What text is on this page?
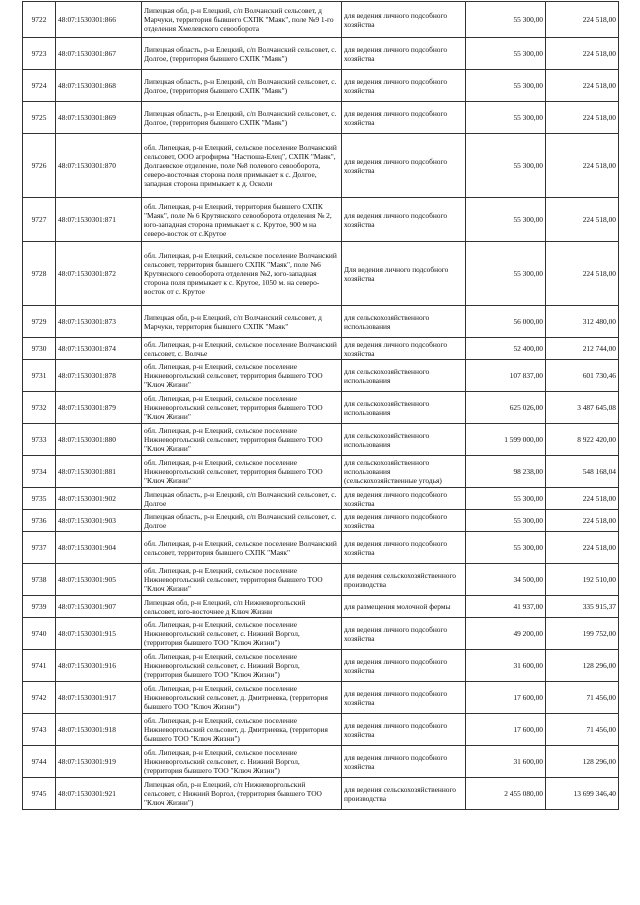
9722	48:07:1530301:866	Липецкая обл, р-н Елецкий, с/п Волчанский сельсовет, д Марчуки, территория бывшего СХПК "Маяк", поле №9 1-го отделения Хмелевского севооборота	для ведения личного подсобного хозяйства	55 300,00	224 518,00
9723	48:07:1530301:867	Липецкая область, р-н Елецкий, с/п Волчанский сельсовет, с. Долгое, (территория бывшего СХПК "Маяк")	для ведения личного подсобного хозяйства	55 300,00	224 518,00
9724	48:07:1530301:868	Липецкая область, р-н Елецкий, с/п Волчанский сельсовет, с. Долгое, (территория бывшего СХПК "Маяк")	для ведения личного подсобного хозяйства	55 300,00	224 518,00
9725	48:07:1530301:869	Липецкая область, р-н Елецкий, с/п Волчанский сельсовет, с. Долгое, (территория бывшего СХПК "Маяк")	для ведения личного подсобного хозяйства	55 300,00	224 518,00
9726	48:07:1530301:870	обл. Липецкая, р-н Елецкий, сельское поселение Волчанский сельсовет, ООО агрофирма "Настюша-Елец", СХПК "Маяк", Долгаевское отделение, поле №8 полевого севооборота, северо-восточная сторона поля примыкает к с. Долгое, западная сторона примыкает к д. Осколи	для ведения личного подсобного хозяйства	55 300,00	224 518,00
9727	48:07:1530301:871	обл. Липецкая, р-н Елецкий, территория бывшего СХПК "Маяк", поле № 6 Крутянского севооборота отделения № 2, юго-западная сторона примыкает к с. Крутое, 900 м на северо-восток от с.Крутое	для ведения личного подсобного хозяйства	55 300,00	224 518,00
9728	48:07:1530301:872	обл. Липецкая, р-н Елецкий, сельское поселение Волчанский сельсовет, территория бывшего СХПК "Маяк", поле №6 Крутянского севооборота отделения №2, юго-западная сторона поля примыкает к с. Крутое, 1050 м. на северо-восток от с. Крутое	Для ведения личного подсобного хозяйства	55 300,00	224 518,00
9729	48:07:1530301:873	Липецкая обл, р-н Елецкий, с/п Волчанский сельсовет, д Марчуки, территория бывшего СХПК "Маяк"	для сельскохозяйственного использования	56 000,00	312 480,00
9730	48:07:1530301:874	обл. Липецкая, р-н Елецкий, сельское поселение Волчанский сельсовет, с. Волчье	для ведения личного подсобного хозяйства	52 400,00	212 744,00
9731	48:07:1530301:878	обл. Липецкая, р-н Елецкий, сельское поселение Нижневоргольский сельсовет, территория бывшего ТОО "Ключ Жизни"	для сельскохозяйственного использования	107 837,00	601 730,46
9732	48:07:1530301:879	обл. Липецкая, р-н Елецкий, сельское поселение Нижневоргольский сельсовет, территория бывшего ТОО "Ключ Жизни"	для сельскохозяйственного использования	625 026,00	3 487 645,08
9733	48:07:1530301:880	обл. Липецкая, р-н Елецкий, сельское поселение Нижневоргольский сельсовет, территория бывшего ТОО "Ключ Жизни"	для сельскохозяйственного использования	1 599 000,00	8 922 420,00
9734	48:07:1530301:881	обл. Липецкая, р-н Елецкий, сельское поселение Нижневоргольский сельсовет, территория бывшего ТОО "Ключ Жизни"	для сельскохозяйственного использования (сельскохозяйственные угодья)	98 238,00	548 168,04
9735	48:07:1530301:902	Липецкая область, р-н Елецкий, с/п Волчанский сельсовет, с. Долгое	для ведения личного подсобного хозяйства	55 300,00	224 518,00
9736	48:07:1530301:903	Липецкая область, р-н Елецкий, с/п Волчанский сельсовет, с. Долгое	для ведения личного подсобного хозяйства	55 300,00	224 518,00
9737	48:07:1530301:904	обл. Липецкая, р-н Елецкий, сельское поселение Волчанский сельсовет, территория бывшего СХПК "Маяк"	для ведения личного подсобного хозяйства	55 300,00	224 518,00
9738	48:07:1530301:905	обл. Липецкая, р-н Елецкий, сельское поселение Нижневоргольский сельсовет, территория бывшего ТОО "Ключ Жизни"	для ведения сельскохозяйственного производства	34 500,00	192 510,00
9739	48:07:1530301:907	Липецкая обл, р-н Елецкий, с/п Нижневоргольский сельсовет, юго-восточнее д Ключ Жизни	для размещения молочной фермы	41 937,00	335 915,37
9740	48:07:1530301:915	обл. Липецкая, р-н Елецкий, сельское поселение Нижневоргольский сельсовет, с. Нижний Воргол, (территория бывшего ТОО "Ключ Жизни")	для ведения личного подсобного хозяйства	49 200,00	199 752,00
9741	48:07:1530301:916	обл. Липецкая, р-н Елецкий, сельское поселение Нижневоргольский сельсовет, с. Нижний Воргол, (территория бывшего ТОО "Ключ Жизни")	для ведения личного подсобного хозяйства	31 600,00	128 296,00
9742	48:07:1530301:917	обл. Липецкая, р-н Елецкий, сельское поселение Нижневоргольский сельсовет, д. Дмитриевка, (территория бывшего ТОО "Ключ Жизни")	для ведения личного подсобного хозяйства	17 600,00	71 456,00
9743	48:07:1530301:918	обл. Липецкая, р-н Елецкий, сельское поселение Нижневоргольский сельсовет, д. Дмитриевка, (территория бывшего ТОО "Ключ Жизни")	для ведения личного подсобного хозяйства	17 600,00	71 456,00
9744	48:07:1530301:919	обл. Липецкая, р-н Елецкий, сельское поселение Нижневоргольский сельсовет, с. Нижний Воргол, (территория бывшего ТОО "Ключ Жизни")	для ведения личного подсобного хозяйства	31 600,00	128 296,00
9745	48:07:1530301:921	Липецкая обл, р-н Елецкий, с/п Нижневоргольский сельсовет, с Нижний Воргол, (территория бывшего ТОО "Ключ Жизни")	для ведения сельскохозяйственного производства	2 455 080,00	13 699 346,40
